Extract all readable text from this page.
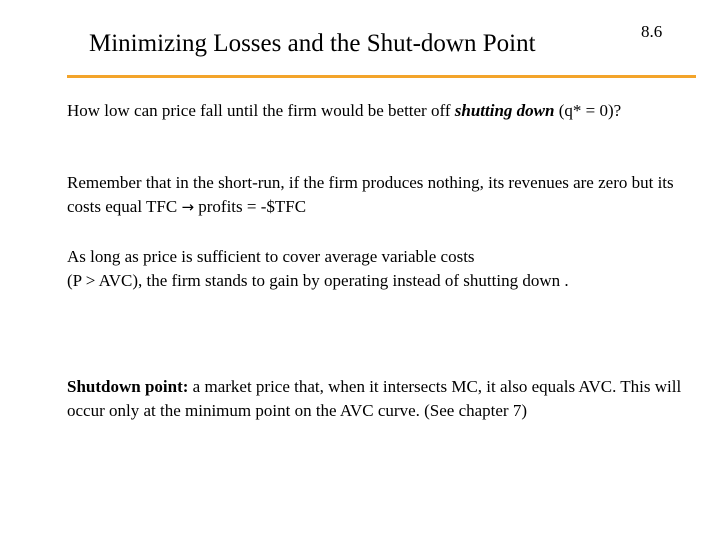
Minimizing Losses and the Shut-down Point	8.6
How low can price fall until the firm would be better off shutting down (q* = 0)?
Remember that in the short-run, if the firm produces nothing, its revenues are zero but its costs equal TFC → profits = -$TFC
As long as price is sufficient to cover average variable costs
(P > AVC), the firm stands to gain by operating instead of shutting down .
Shutdown point: a market price that, when it intersects MC, it also equals AVC. This will occur only at the minimum point on the AVC curve. (See chapter 7)
